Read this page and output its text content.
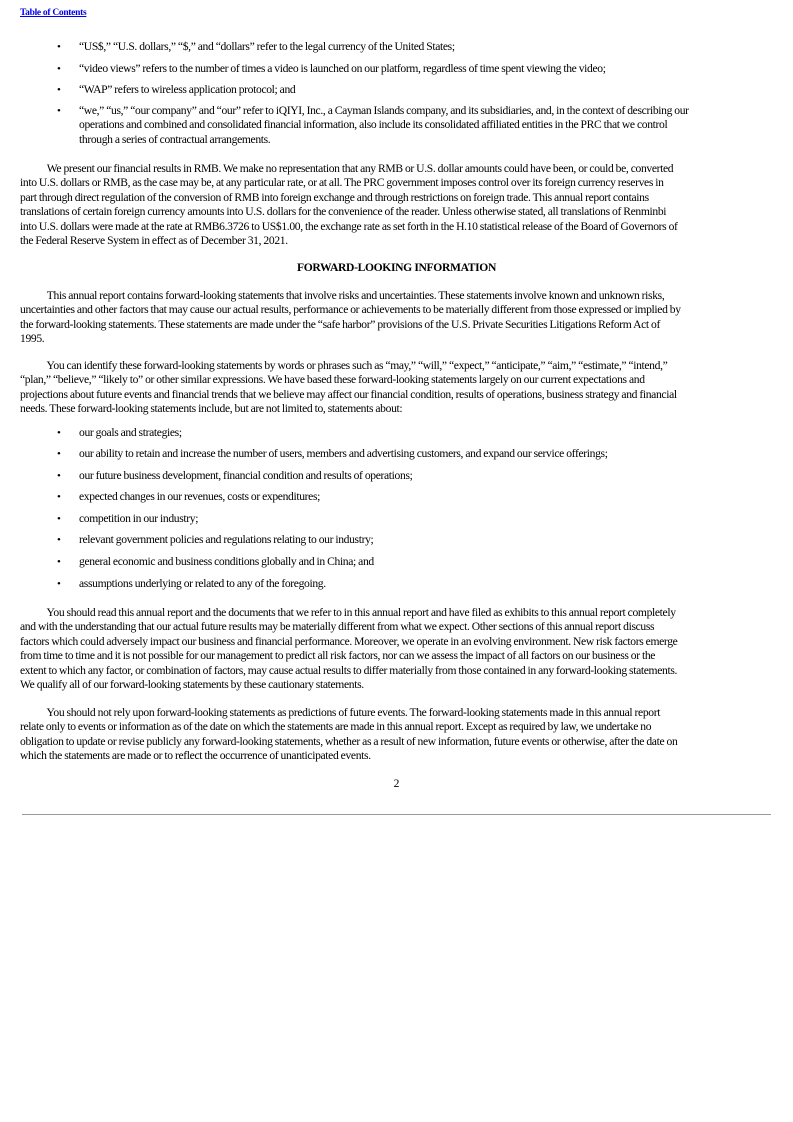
Table of Contents
• “US$,” “U.S. dollars,” “$,” and “dollars” refer to the legal currency of the United States;
• “video views” refers to the number of times a video is launched on our platform, regardless of time spent viewing the video;
• “WAP” refers to wireless application protocol; and
• “we,” “us,” “our company” and “our” refer to iQIYI, Inc., a Cayman Islands company, and its subsidiaries, and, in the context of describing our
operations and combined and consolidated financial information, also include its consolidated affiliated entities in the PRC that we control
through a series of contractual arrangements.
We present our financial results in RMB. We make no representation that any RMB or U.S. dollar amounts could have been, or could be, converted
into U.S. dollars or RMB, as the case may be, at any particular rate, or at all. The PRC government imposes control over its foreign currency reserves in
part through direct regulation of the conversion of RMB into foreign exchange and through restrictions on foreign trade. This annual report contains
translations of certain foreign currency amounts into U.S. dollars for the convenience of the reader. Unless otherwise stated, all translations of Renminbi
into U.S. dollars were made at the rate at RMB6.3726 to US$1.00, the exchange rate as set forth in the H.10 statistical release of the Board of Governors of
the Federal Reserve System in effect as of December 31, 2021.
FORWARD-LOOKING INFORMATION
This annual report contains forward-looking statements that involve risks and uncertainties. These statements involve known and unknown risks,
uncertainties and other factors that may cause our actual results, performance or achievements to be materially different from those expressed or implied by
the forward-looking statements. These statements are made under the “safe harbor” provisions of the U.S. Private Securities Litigations Reform Act of
1995.
You can identify these forward-looking statements by words or phrases such as “may,” “will,” “expect,” “anticipate,” “aim,” “estimate,” “intend,”
“plan,” “believe,” “likely to” or other similar expressions. We have based these forward-looking statements largely on our current expectations and
projections about future events and financial trends that we believe may affect our financial condition, results of operations, business strategy and financial
needs. These forward-looking statements include, but are not limited to, statements about:
• our goals and strategies;
• our ability to retain and increase the number of users, members and advertising customers, and expand our service offerings;
• our future business development, financial condition and results of operations;
• expected changes in our revenues, costs or expenditures;
• competition in our industry;
• relevant government policies and regulations relating to our industry;
• general economic and business conditions globally and in China; and
• assumptions underlying or related to any of the foregoing.
You should read this annual report and the documents that we refer to in this annual report and have filed as exhibits to this annual report completely
and with the understanding that our actual future results may be materially different from what we expect. Other sections of this annual report discuss
factors which could adversely impact our business and financial performance. Moreover, we operate in an evolving environment. New risk factors emerge
from time to time and it is not possible for our management to predict all risk factors, nor can we assess the impact of all factors on our business or the
extent to which any factor, or combination of factors, may cause actual results to differ materially from those contained in any forward-looking statements.
We qualify all of our forward-looking statements by these cautionary statements.
You should not rely upon forward-looking statements as predictions of future events. The forward-looking statements made in this annual report
relate only to events or information as of the date on which the statements are made in this annual report. Except as required by law, we undertake no
obligation to update or revise publicly any forward-looking statements, whether as a result of new information, future events or otherwise, after the date on
which the statements are made or to reflect the occurrence of unanticipated events.
2
